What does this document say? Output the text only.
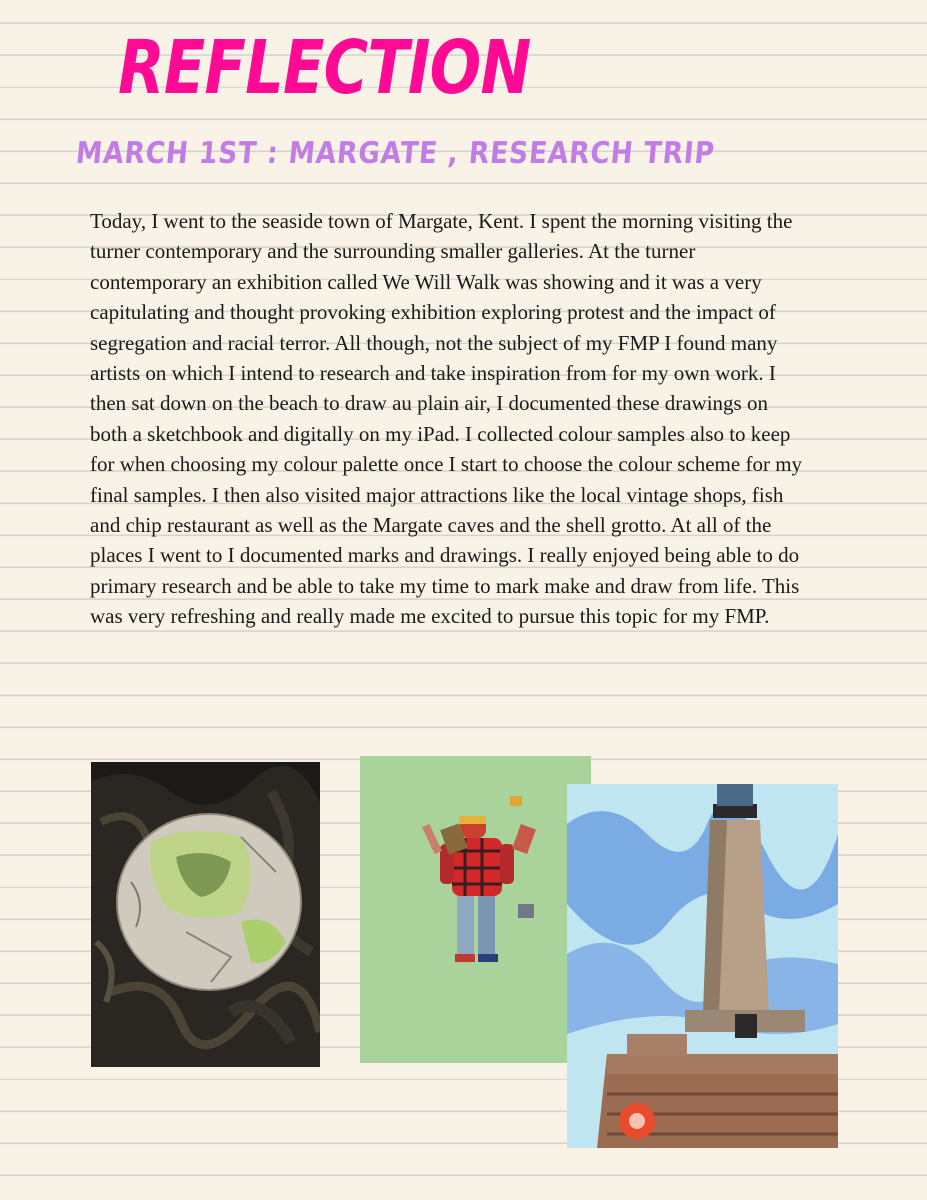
REFLECTION
MARCH 1ST : MARGATE , RESEARCH TRIP

Today, I went to the seaside town of Margate, Kent. I spent the morning visiting the turner contemporary and the surrounding smaller galleries. At the turner contemporary an exhibition called We Will Walk was showing and it was a very capitulating and thought provoking exhibition exploring protest and the impact of segregation and racial terror. All though, not the subject of my FMP I found many artists on which I intend to research and take inspiration from for my own work. I then sat down on the beach to draw au plain air, I documented these drawings on both a sketchbook and digitally on my iPad. I collected colour samples also to keep for when choosing my colour palette once I start to choose the colour scheme for my final samples. I then also visited major attractions like the local vintage shops, fish and chip restaurant as well as the Margate caves and the shell grotto. At all of the places I went to I documented marks and drawings. I really enjoyed being able to do primary research and be able to take my time to mark make and draw from life. This was very refreshing and really made me excited to pursue this topic for my FMP.
